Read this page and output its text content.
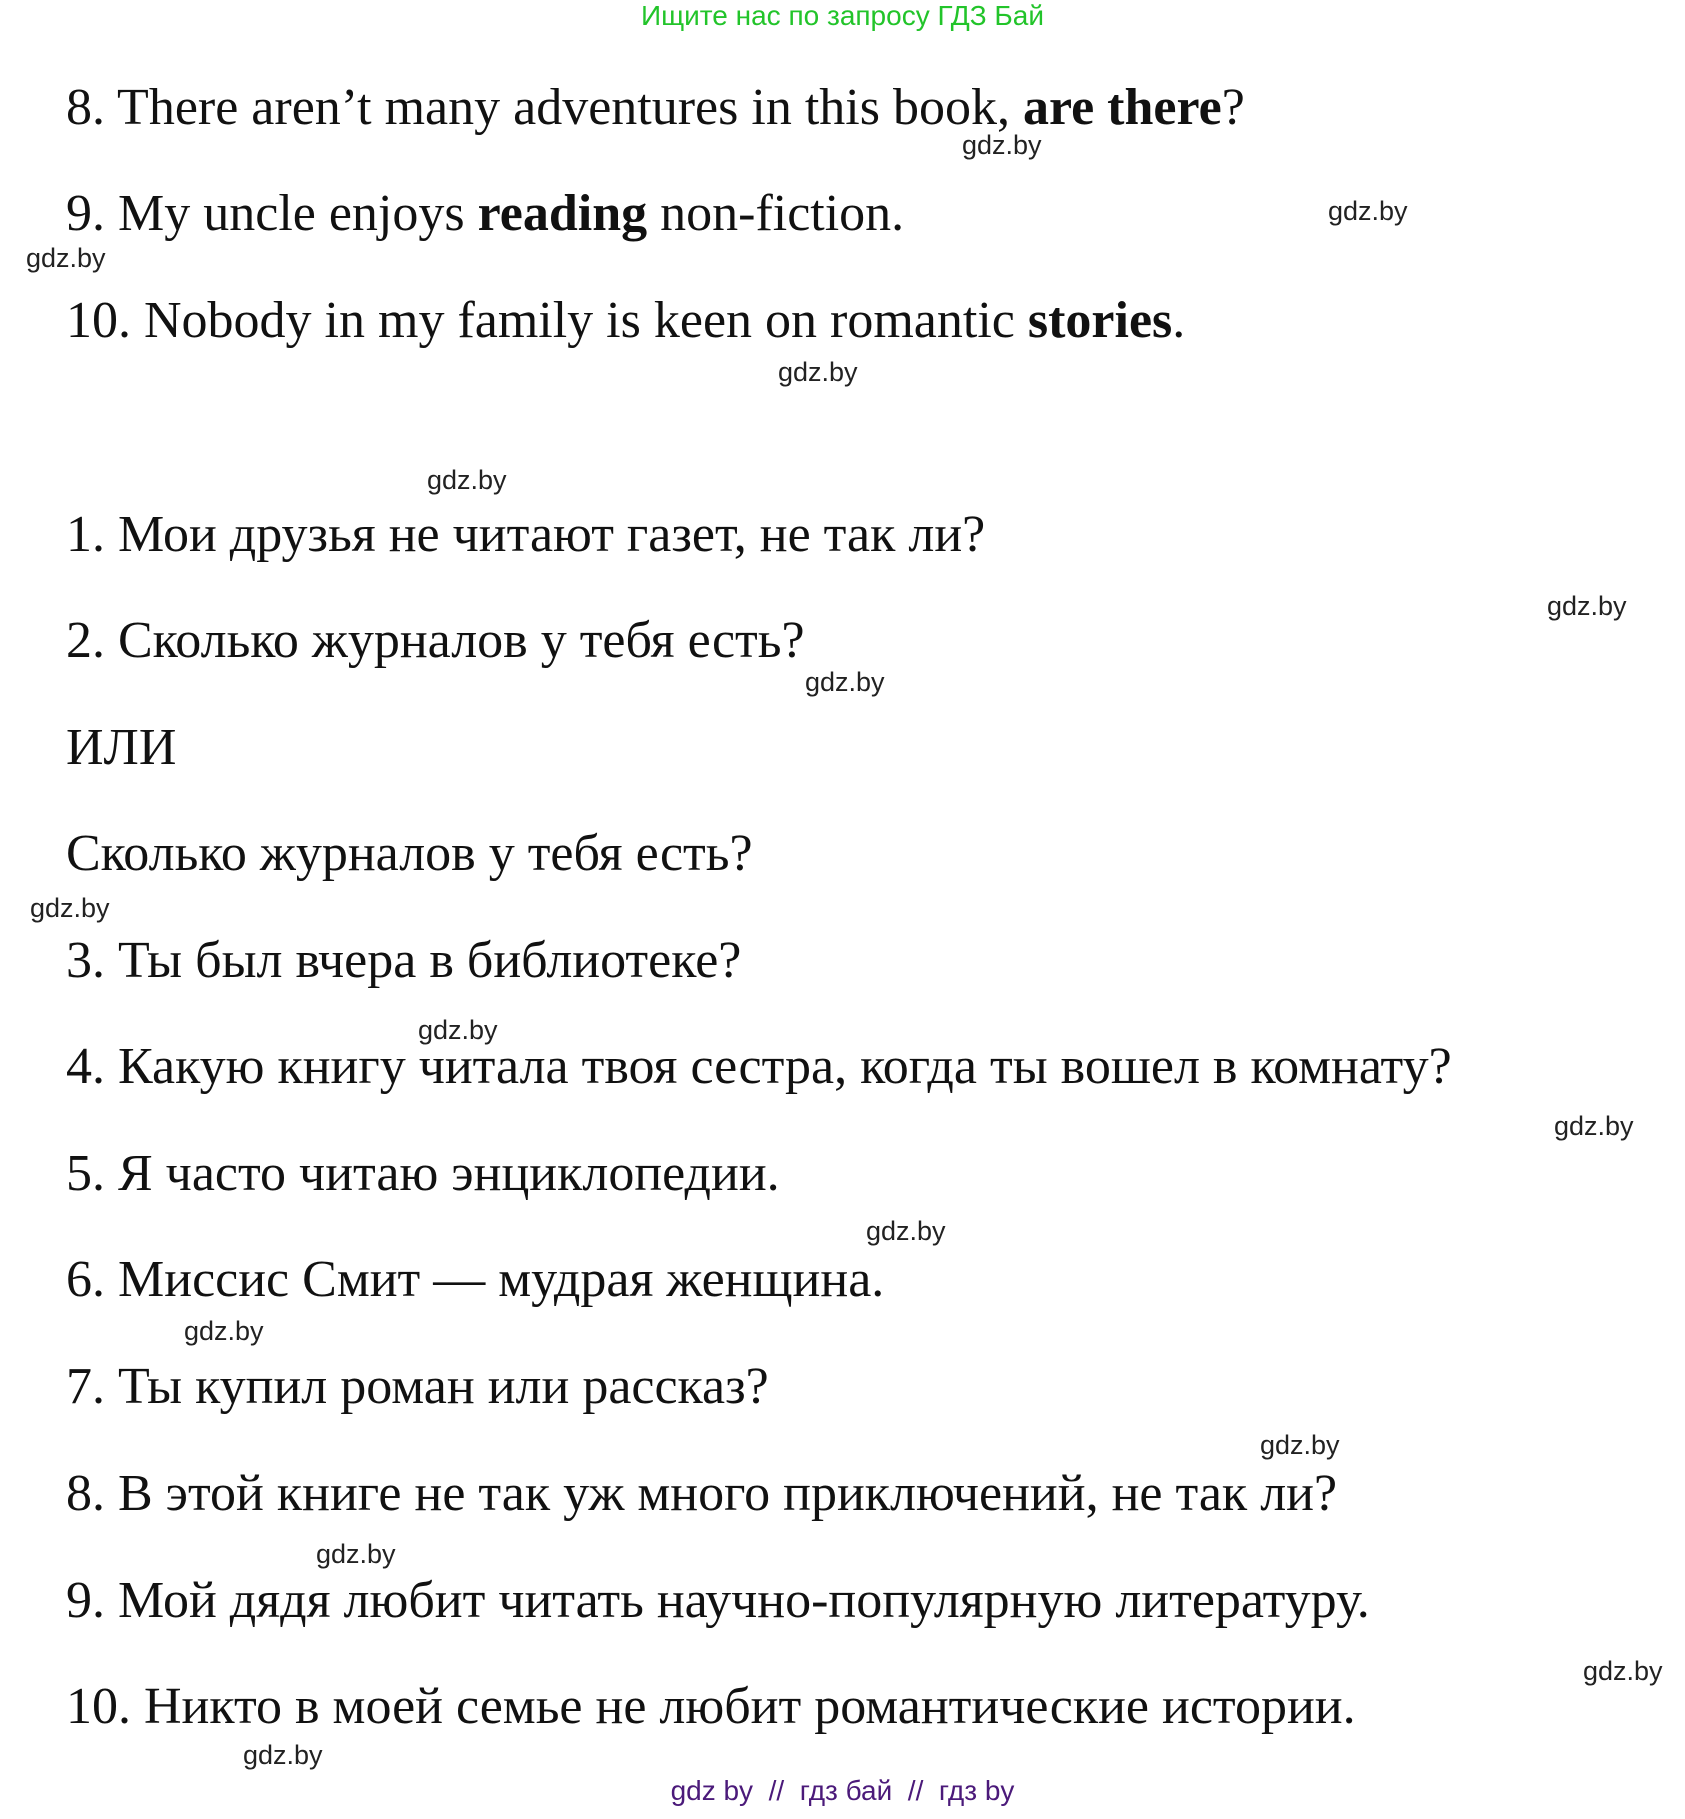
Ищите нас по запросу ГДЗ Бай
8. There aren’t many adventures in this book, are there?
9. My uncle enjoys reading non-fiction.
10. Nobody in my family is keen on romantic stories.
1. Мои друзья не читают газет, не так ли?
2. Сколько журналов у тебя есть?
ИЛИ
Сколько журналов у тебя есть?
3. Ты был вчера в библиотеке?
4. Какую книгу читала твоя сестра, когда ты вошел в комнату?
5. Я часто читаю энциклопедии.
6. Миссис Смит — мудрая женщина.
7. Ты купил роман или рассказ?
8. В этой книге не так уж много приключений, не так ли?
9. Мой дядя любит читать научно-популярную литературу.
10. Никто в моей семье не любит романтические истории.
gdz.by
gdz.by
gdz.by
gdz.by
gdz.by
gdz.by
gdz.by
gdz.by
gdz.by
gdz.by
gdz.by
gdz.by
gdz.by
gdz.by
gdz.by
gdz.by
gdz by  //  гдз бай  //  гдз by
